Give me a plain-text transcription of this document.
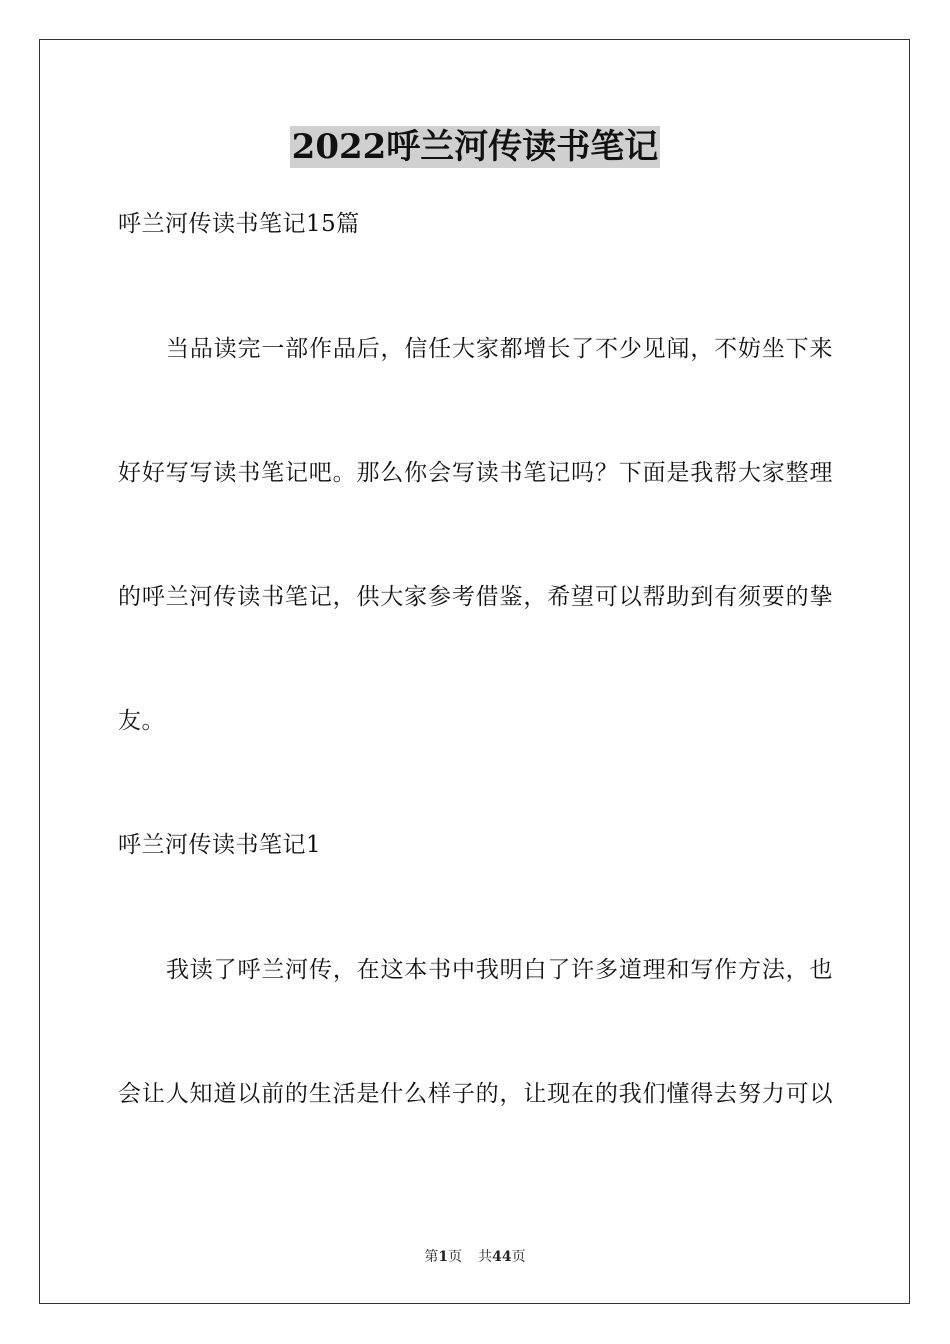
2022呼兰河传读书笔记
呼兰河传读书笔记15篇
当品读完一部作品后，信任大家都增长了不少见闻，不妨坐下来
好好写写读书笔记吧。那么你会写读书笔记吗？下面是我帮大家整理
的呼兰河传读书笔记，供大家参考借鉴，希望可以帮助到有须要的挚
友。
呼兰河传读书笔记1
我读了呼兰河传，在这本书中我明白了许多道理和写作方法，也
会让人知道以前的生活是什么样子的，让现在的我们懂得去努力可以
第1页 共44页
